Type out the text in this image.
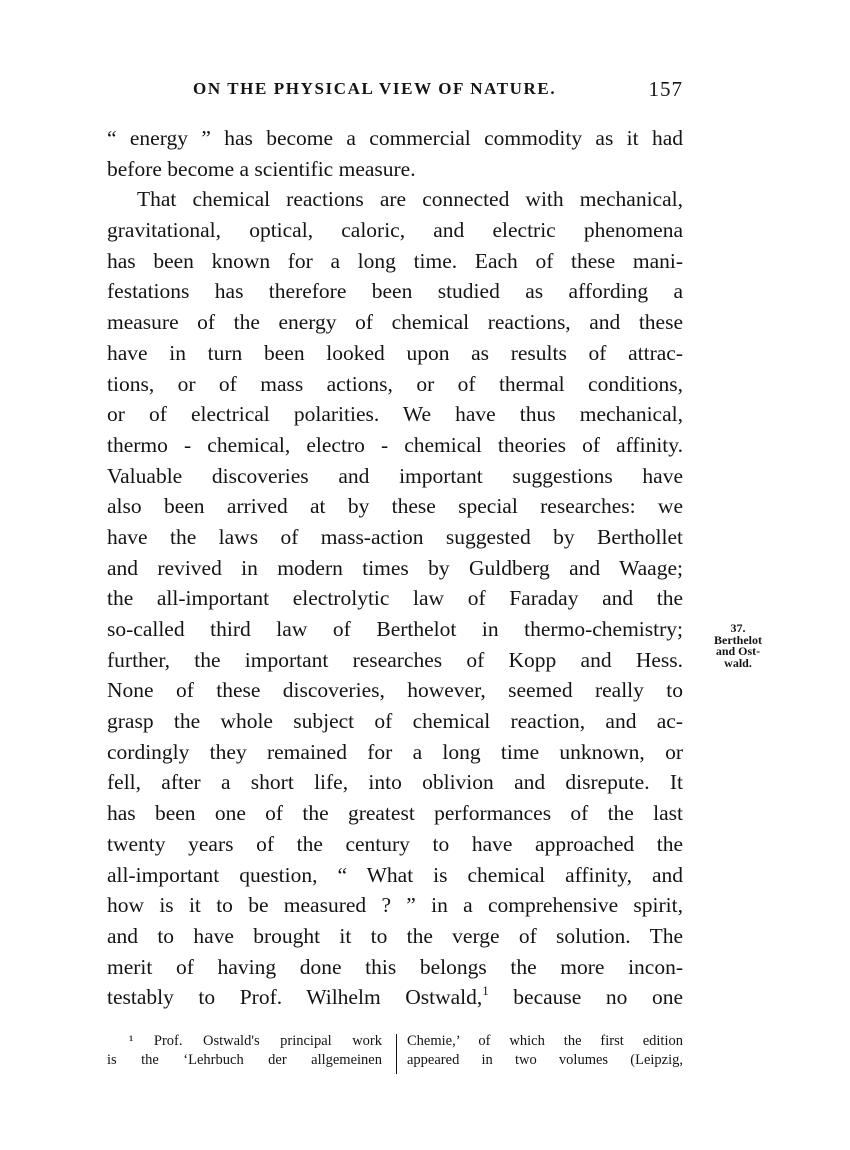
ON THE PHYSICAL VIEW OF NATURE.	157
“ energy ” has become a commercial commodity as it had
before become a scientific measure.
That chemical reactions are connected with mechanical,
gravitational, optical, caloric, and electric phenomena
has been known for a long time. Each of these mani-
festations has therefore been studied as affording a
measure of the energy of chemical reactions, and these
have in turn been looked upon as results of attrac-
tions, or of mass actions, or of thermal conditions,
or of electrical polarities. We have thus mechanical,
thermo - chemical, electro - chemical theories of affinity.
Valuable discoveries and important suggestions have
also been arrived at by these special researches: we
have the laws of mass-action suggested by Berthollet
and revived in modern times by Guldberg and Waage;
the all-important electrolytic law of Faraday and the
so-called third law of Berthelot in thermo-chemistry;
further, the important researches of Kopp and Hess.
None of these discoveries, however, seemed really to
grasp the whole subject of chemical reaction, and ac-
cordingly they remained for a long time unknown, or
fell, after a short life, into oblivion and disrepute. It
has been one of the greatest performances of the last
twenty years of the century to have approached the
all-important question, “ What is chemical affinity, and
how is it to be measured ? ” in a comprehensive spirit,
and to have brought it to the verge of solution. The
merit of having done this belongs the more incon-
testably to Prof. Wilhelm Ostwald,$^1$ because no one
37.
Berthelot
and Ost-
wald.
¹ Prof. Ostwald's principal work
is the ‘Lehrbuch der allgemeinen
Chemie,’ of which the first edition
appeared in two volumes (Leipzig,
